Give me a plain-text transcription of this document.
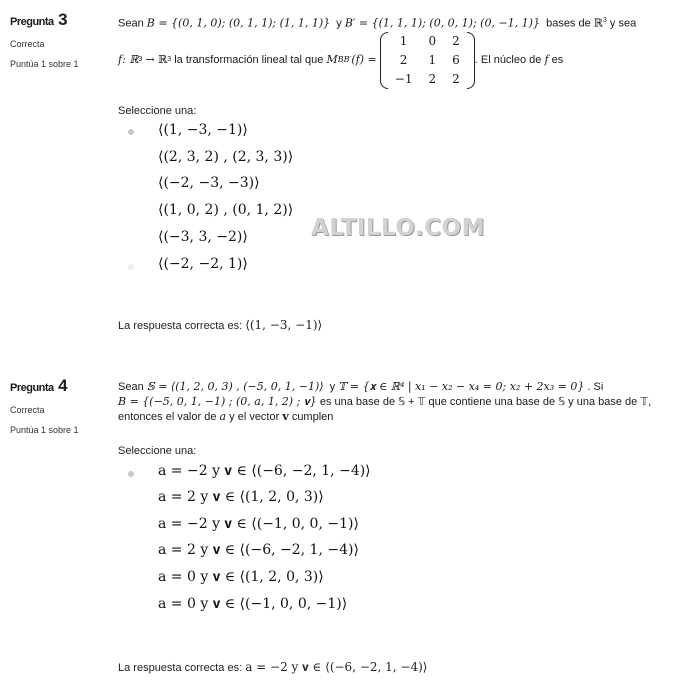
Pregunta 3
Correcta
Puntúa 1 sobre 1
Sean B = {(0, 1, 0); (0, 1, 1); (1, 1, 1)} y B′ = {(1, 1, 1); (0, 0, 1); (0, −1, 1)} bases de ℝ$^3$ y sea
f: ℝ 3
→ ℝ 3
la transformación lineal tal que
M BB′ (f) =

1	0	2
2	1	6
−1	2	2
. El núcleo de
f
es
Seleccione una:
⟨(1, −3, −1)⟩
⟨(2, 3, 2) , (2, 3, 3)⟩
⟨(−2, −3, −3)⟩
⟨(1, 0, 2) , (0, 1, 2)⟩
⟨(−3, 3, −2)⟩
⟨(−2, −2, 1)⟩
La respuesta correcta es: ⟨(1, −3, −1)⟩
ALTILLO.COM
Pregunta 4
Correcta
Puntúa 1 sobre 1
Sean 𝕊 = ⟨(1, 2, 0, 3) , (−5, 0, 1, −1)⟩ y 𝕋 = {𝐱 ∈ ℝ⁴ | x₁ − x₂ − x₄ = 0; x₂ + 2x₃ = 0} . Si
B = {(−5, 0, 1, −1) ; (0, a, 1, 2) ; 𝐯} es una base de 𝕊 + 𝕋 que contiene una base de 𝕊 y una base de 𝕋,
entonces el valor de a y el vector 𝐯 cumplen
Seleccione una:
a = −2 y 𝐯 ∈ ⟨(−6, −2, 1, −4)⟩
a = 2 y 𝐯 ∈ ⟨(1, 2, 0, 3)⟩
a = −2 y 𝐯 ∈ ⟨(−1, 0, 0, −1)⟩
a = 2 y 𝐯 ∈ ⟨(−6, −2, 1, −4)⟩
a = 0 y 𝐯 ∈ ⟨(1, 2, 0, 3)⟩
a = 0 y 𝐯 ∈ ⟨(−1, 0, 0, −1)⟩
La respuesta correcta es: a = −2 y 𝐯 ∈ ⟨(−6, −2, 1, −4)⟩
